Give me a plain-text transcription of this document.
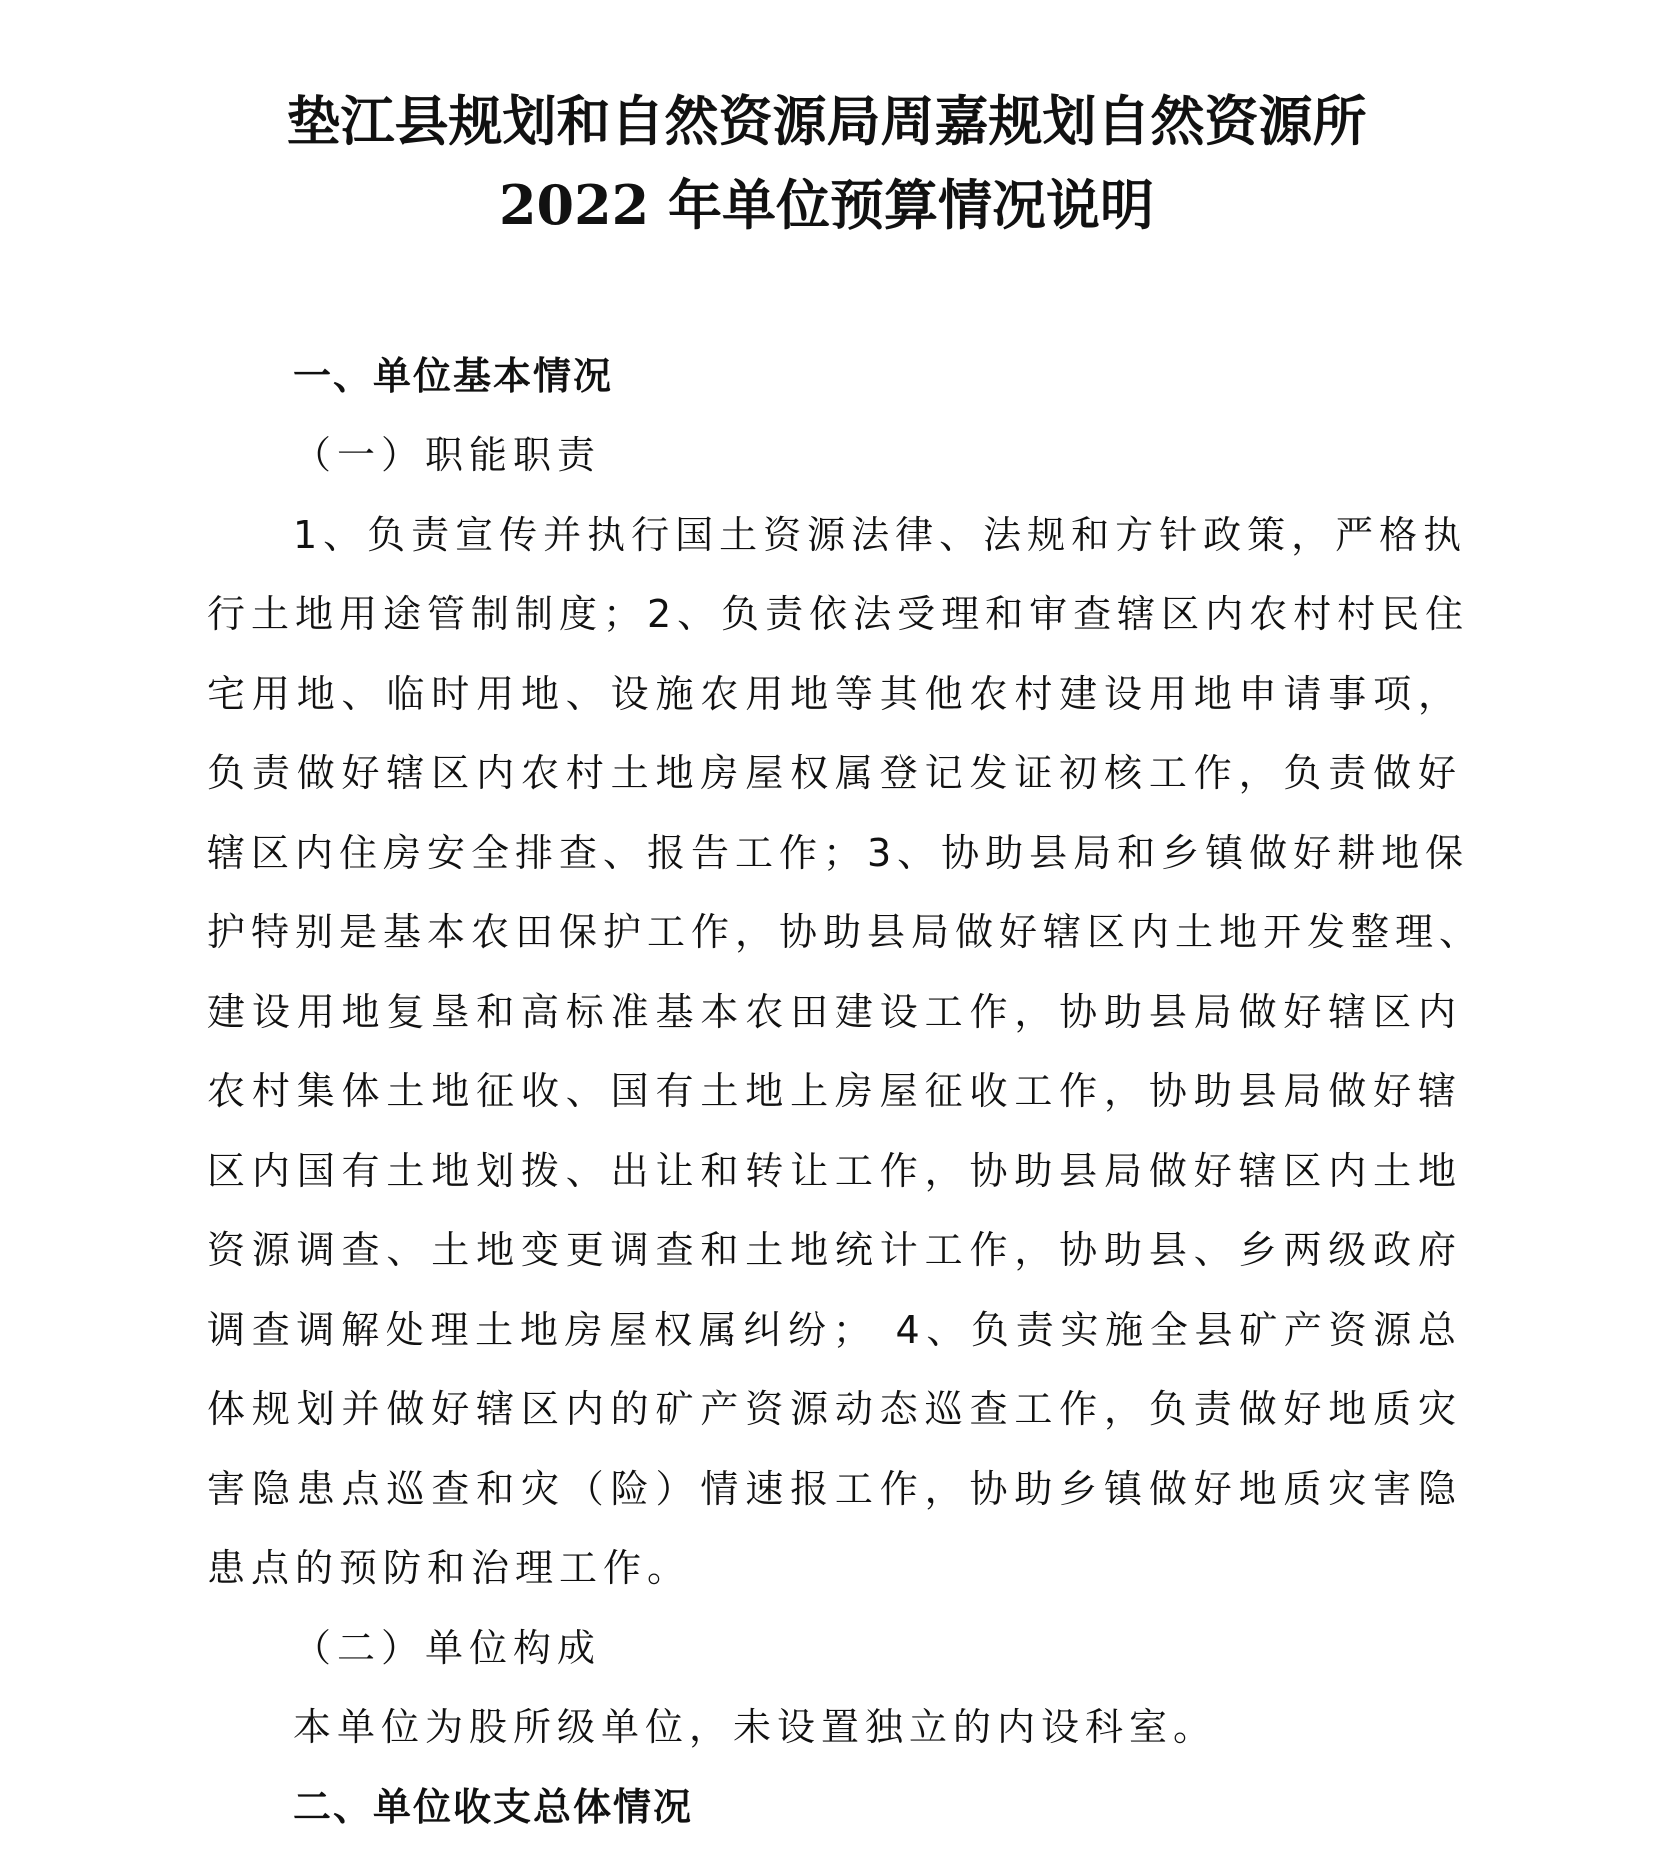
垫江县规划和自然资源局周嘉规划自然资源所
2022 年单位预算情况说明

一、单位基本情况

（一）职能职责

1、负责宣传并执行国土资源法律、法规和方针政策，严格执

行土地用途管制制度；2、负责依法受理和审查辖区内农村村民住

宅用地、临时用地、设施农用地等其他农村建设用地申请事项，

负责做好辖区内农村土地房屋权属登记发证初核工作，负责做好

辖区内住房安全排查、报告工作；3、协助县局和乡镇做好耕地保

护特别是基本农田保护工作，协助县局做好辖区内土地开发整理、

建设用地复垦和高标准基本农田建设工作，协助县局做好辖区内

农村集体土地征收、国有土地上房屋征收工作，协助县局做好辖

区内国有土地划拨、出让和转让工作，协助县局做好辖区内土地

资源调查、土地变更调查和土地统计工作，协助县、乡两级政府

调查调解处理土地房屋权属纠纷； 4、负责实施全县矿产资源总

体规划并做好辖区内的矿产资源动态巡查工作，负责做好地质灾

害隐患点巡查和灾（险）情速报工作，协助乡镇做好地质灾害隐

患点的预防和治理工作。

（二）单位构成

本单位为股所级单位，未设置独立的内设科室。

二、单位收支总体情况
